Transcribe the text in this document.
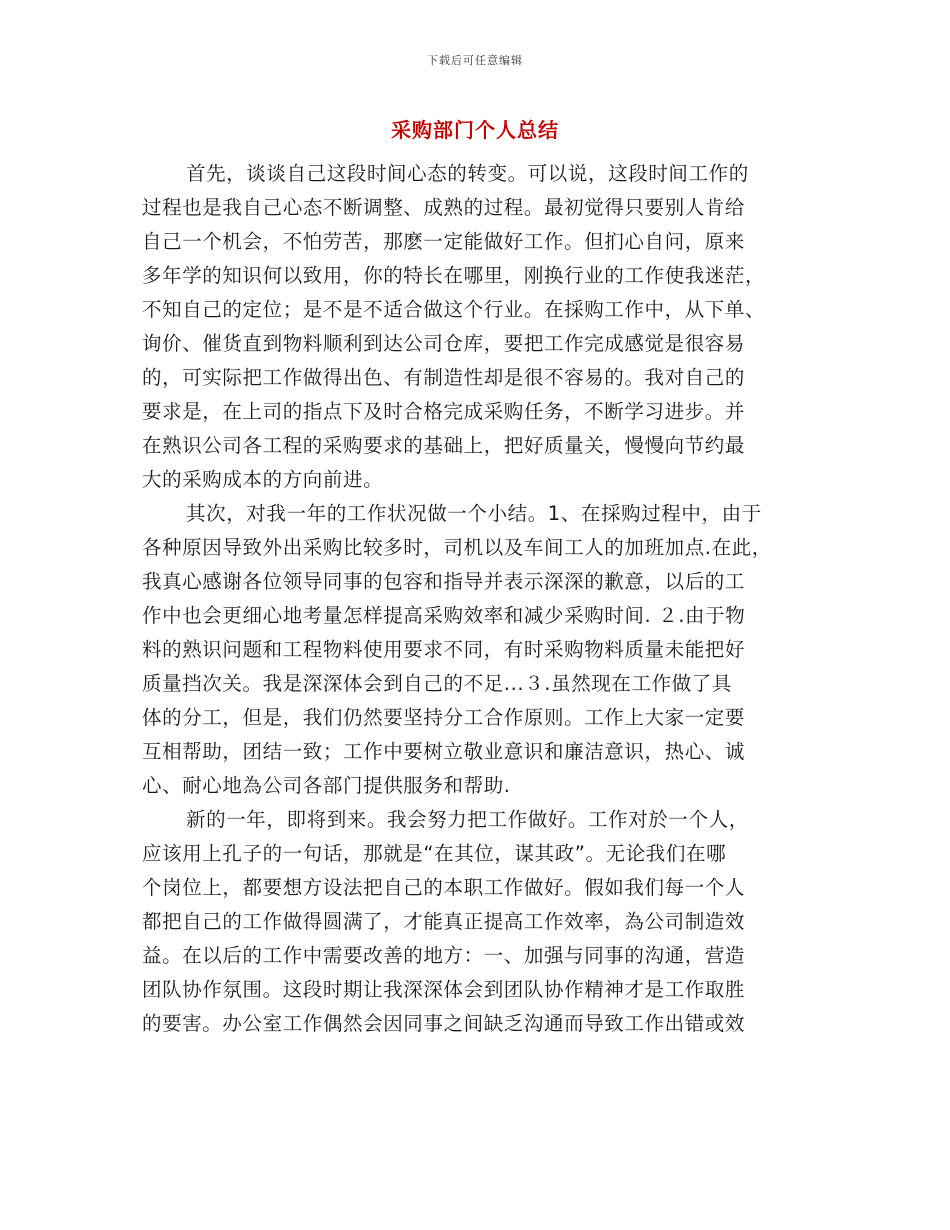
下载后可任意编辑
采购部门个人总结
首先，谈谈自己这段时间心态的转变。可以说，这段时间工作的
过程也是我自己心态不断调整、成熟的过程。最初觉得只要别人肯给
自己一个机会，不怕劳苦，那麽一定能做好工作。但扪心自问，原来
多年学的知识何以致用，你的特长在哪里，刚换行业的工作使我迷茫，
不知自己的定位；是不是不适合做这个行业。在採购工作中，从下单、
询价、催货直到物料顺利到达公司仓库，要把工作完成感觉是很容易
的，可实际把工作做得出色、有制造性却是很不容易的。我对自己的
要求是，在上司的指点下及时合格完成采购任务，不断学习进步。并
在熟识公司各工程的采购要求的基础上，把好质量关，慢慢向节约最
大的采购成本的方向前进。
其次，对我一年的工作状况做一个小结。1、在採购过程中，由于
各种原因导致外出采购比较多时，司机以及车间工人的加班加点.在此，
我真心感谢各位领导同事的包容和指导并表示深深的歉意，以后的工
作中也会更细心地考量怎样提高采购效率和减少采购时间. ２.由于物
料的熟识问题和工程物料使用要求不同，有时采购物料质量未能把好
质量挡次关。我是深深体会到自己的不足...３.虽然现在工作做了具
体的分工，但是，我们仍然要坚持分工合作原则。工作上大家一定要
互相帮助，团结一致；工作中要树立敬业意识和廉洁意识，热心、诚
心、耐心地為公司各部门提供服务和帮助.
新的一年，即将到来。我会努力把工作做好。工作对於一个人，
应该用上孔子的一句话，那就是“在其位，谋其政”。无论我们在哪
个岗位上，都要想方设法把自己的本职工作做好。假如我们每一个人
都把自己的工作做得圆满了，才能真正提高工作效率，為公司制造效
益。在以后的工作中需要改善的地方：一、加强与同事的沟通，营造
团队协作氛围。这段时期让我深深体会到团队协作精神才是工作取胜
的要害。办公室工作偶然会因同事之间缺乏沟通而导致工作出错或效
